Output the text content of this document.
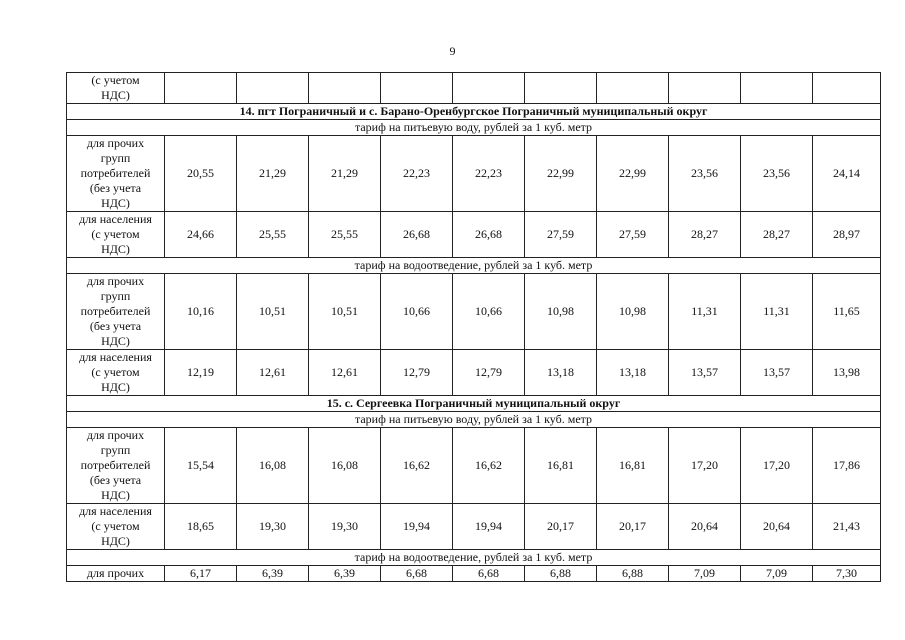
9
(с учетом
НДС)										

14. пгт Пограничный и с. Барано-Оренбургское Пограничный муниципальный округ										
тариф на питьевую воду, рублей за 1 куб. метр										

для прочих
групп
потребителей
(без учета
НДС)	20,55	21,29	21,29	22,23	22,23	22,99	22,99	23,56	23,56	24,14

для населения
(с учетом
НДС)	24,66	25,55	25,55	26,68	26,68	27,59	27,59	28,27	28,27	28,97
тариф на водоотведение, рублей за 1 куб. метр										

для прочих
групп
потребителей
(без учета
НДС)	10,16	10,51	10,51	10,66	10,66	10,98	10,98	11,31	11,31	11,65

для населения
(с учетом
НДС)	12,19	12,61	12,61	12,79	12,79	13,18	13,18	13,57	13,57	13,98
15. с. Сергеевка Пограничный муниципальный округ										
тариф на питьевую воду, рублей за 1 куб. метр										

для прочих
групп
потребителей
(без учета
НДС)	15,54	16,08	16,08	16,62	16,62	16,81	16,81	17,20	17,20	17,86

для населения
(с учетом
НДС)	18,65	19,30	19,30	19,94	19,94	20,17	20,17	20,64	20,64	21,43
тариф на водоотведение, рублей за 1 куб. метр										

для прочих	6,17	6,39	6,39	6,68	6,68	6,88	6,88	7,09	7,09	7,30
